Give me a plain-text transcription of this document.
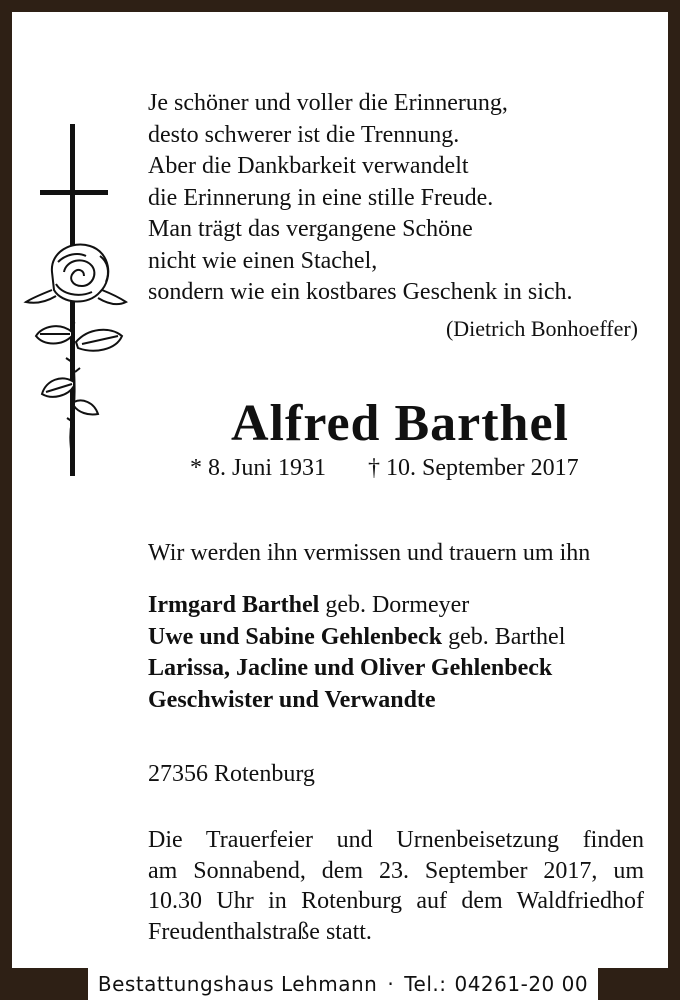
Je schöner und voller die Erinnerung,
desto schwerer ist die Trennung.
Aber die Dankbarkeit verwandelt
die Erinnerung in eine stille Freude.
Man trägt das vergangene Schöne
nicht wie einen Stachel,
sondern wie ein kostbares Geschenk in sich.
(Dietrich Bonhoeffer)
Alfred Barthel
* 8. Juni 1931 † 10. September 2017
Wir werden ihn vermissen und trauern um ihn
Irmgard Barthel geb. Dormeyer
Uwe und Sabine Gehlenbeck geb. Barthel
Larissa, Jacline und Oliver Gehlenbeck
Geschwister und Verwandte
27356 Rotenburg
Die Trauerfeier und Urnenbeisetzung finden
am Sonnabend, dem 23. September 2017, um
10.30 Uhr in Rotenburg auf dem Waldfriedhof
Freudenthalstraße statt.
Bestattungshaus Lehmann · Tel.: 04261-20 00
